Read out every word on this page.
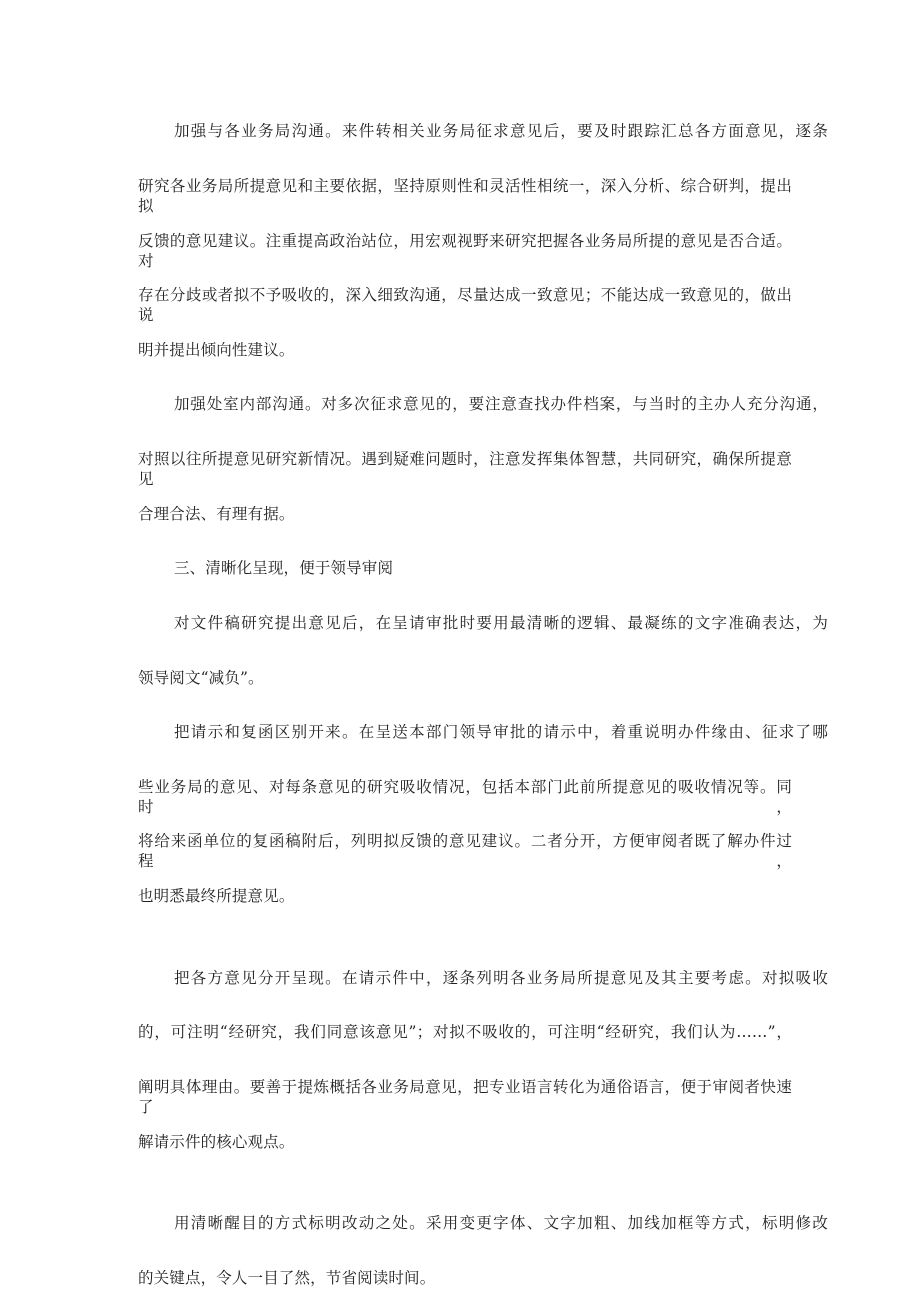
加强与各业务局沟通。来件转相关业务局征求意见后，要及时跟踪汇总各方面意见，逐条
研究各业务局所提意见和主要依据，坚持原则性和灵活性相统一，深入分析、综合研判，提出拟
反馈的意见建议。注重提高政治站位，用宏观视野来研究把握各业务局所提的意见是否合适。对
存在分歧或者拟不予吸收的，深入细致沟通，尽量达成一致意见；不能达成一致意见的，做出说
明并提出倾向性建议。
加强处室内部沟通。对多次征求意见的，要注意查找办件档案，与当时的主办人充分沟通，
对照以往所提意见研究新情况。遇到疑难问题时，注意发挥集体智慧，共同研究，确保所提意见
合理合法、有理有据。
三、清晰化呈现，便于领导审阅
对文件稿研究提出意见后，在呈请审批时要用最清晰的逻辑、最凝练的文字准确表达，为
领导阅文“减负”。
把请示和复函区别开来。在呈送本部门领导审批的请示中，着重说明办件缘由、征求了哪
些业务局的意见、对每条意见的研究吸收情况，包括本部门此前所提意见的吸收情况等。同时，
将给来函单位的复函稿附后，列明拟反馈的意见建议。二者分开，方便审阅者既了解办件过程，
也明悉最终所提意见。
把各方意见分开呈现。在请示件中，逐条列明各业务局所提意见及其主要考虑。对拟吸收
的，可注明“经研究，我们同意该意见”；对拟不吸收的，可注明“经研究，我们认为……”，
阐明具体理由。要善于提炼概括各业务局意见，把专业语言转化为通俗语言，便于审阅者快速了
解请示件的核心观点。
用清晰醒目的方式标明改动之处。采用变更字体、文字加粗、加线加框等方式，标明修改
的关键点，令人一目了然，节省阅读时间。
